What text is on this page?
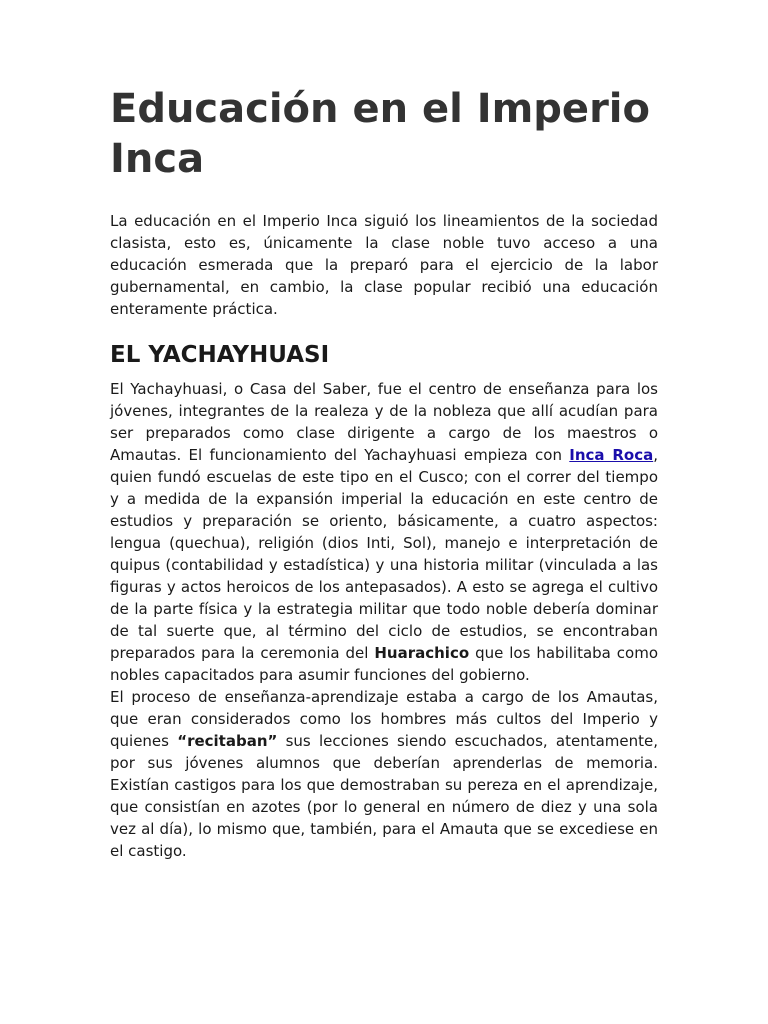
Educación en el Imperio Inca

La educación en el Imperio Inca siguió los lineamientos de la sociedad clasista, esto es, únicamente la clase noble tuvo acceso a una educación esmerada que la preparó para el ejercicio de la labor gubernamental, en cambio, la clase popular recibió una educación enteramente práctica.

EL YACHAYHUASI

El Yachayhuasi, o Casa del Saber, fue el centro de enseñanza para los jóvenes, integrantes de la realeza y de la nobleza que allí acudían para ser preparados como clase dirigente a cargo de los maestros o Amautas. El funcionamiento del Yachayhuasi empieza con Inca Roca, quien fundó escuelas de este tipo en el Cusco; con el correr del tiempo y a medida de la expansión imperial la educación en este centro de estudios y preparación se oriento, básicamente, a cuatro aspectos: lengua (quechua), religión (dios Inti, Sol), manejo e interpretación de quipus (contabilidad y estadística) y una historia militar (vinculada a las figuras y actos heroicos de los antepasados). A esto se agrega el cultivo de la parte física y la estrategia militar que todo noble debería dominar de tal suerte que, al término del ciclo de estudios, se encontraban preparados para la ceremonia del Huarachico que los habilitaba como nobles capacitados para asumir funciones del gobierno.

El proceso de enseñanza-aprendizaje estaba a cargo de los Amautas, que eran considerados como los hombres más cultos del Imperio y quienes “recitaban” sus lecciones siendo escuchados, atentamente, por sus jóvenes alumnos que deberían aprenderlas de memoria. Existían castigos para los que demostraban su pereza en el aprendizaje, que consistían en azotes (por lo general en número de diez y una sola vez al día), lo mismo que, también, para el Amauta que se excediese en el castigo.
